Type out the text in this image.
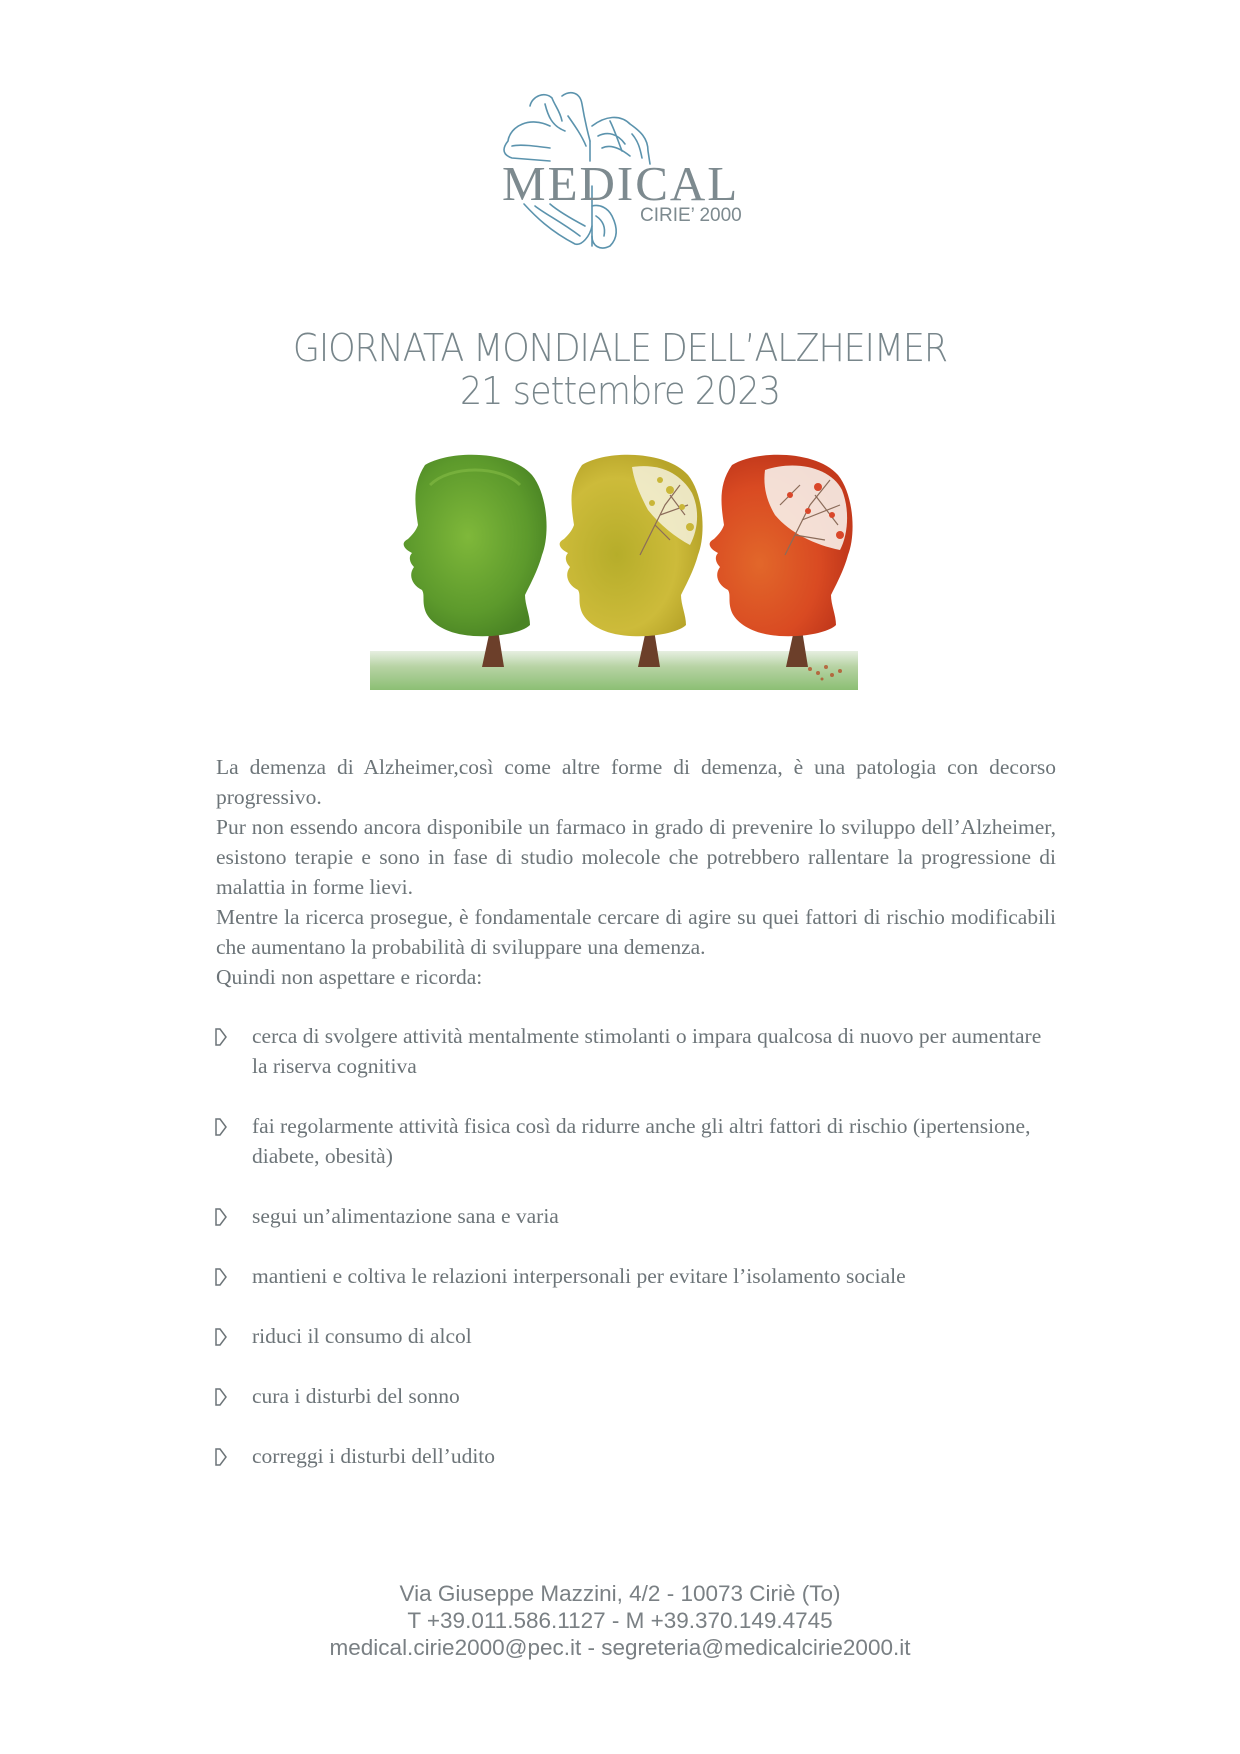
MEDICAL
CIRIE’ 2000
GIORNATA MONDIALE DELL’ALZHEIMER
21 settembre 2023

La demenza di Alzheimer,così come altre forme di demenza, è una patologia con decorso progressivo.

Pur non essendo ancora disponibile un farmaco in grado di prevenire lo sviluppo dell’Alzheimer, esistono terapie e sono in fase di studio molecole che potrebbero rallentare la progressione di malattia in forme lievi.

Mentre la ricerca prosegue, è fondamentale cercare di agire su quei fattori di rischio modificabili che aumentano la probabilità di sviluppare una demenza.

Quindi non aspettare e ricorda:

cerca di svolgere attività mentalmente stimolanti o impara qualcosa di nuovo per aumentare la riserva cognitiva
fai regolarmente attività fisica così da ridurre anche gli altri fattori di rischio (ipertensione, diabete, obesità)
segui un’alimentazione sana e varia
mantieni e coltiva le relazioni interpersonali per evitare l’isolamento sociale
riduci il consumo di alcol
cura i disturbi del sonno
correggi i disturbi dell’udito
Via Giuseppe Mazzini, 4/2 - 10073 Ciriè (To)
T +39.011.586.1127 - M +39.370.149.4745
medical.cirie2000@pec.it - segreteria@medicalcirie2000.it
